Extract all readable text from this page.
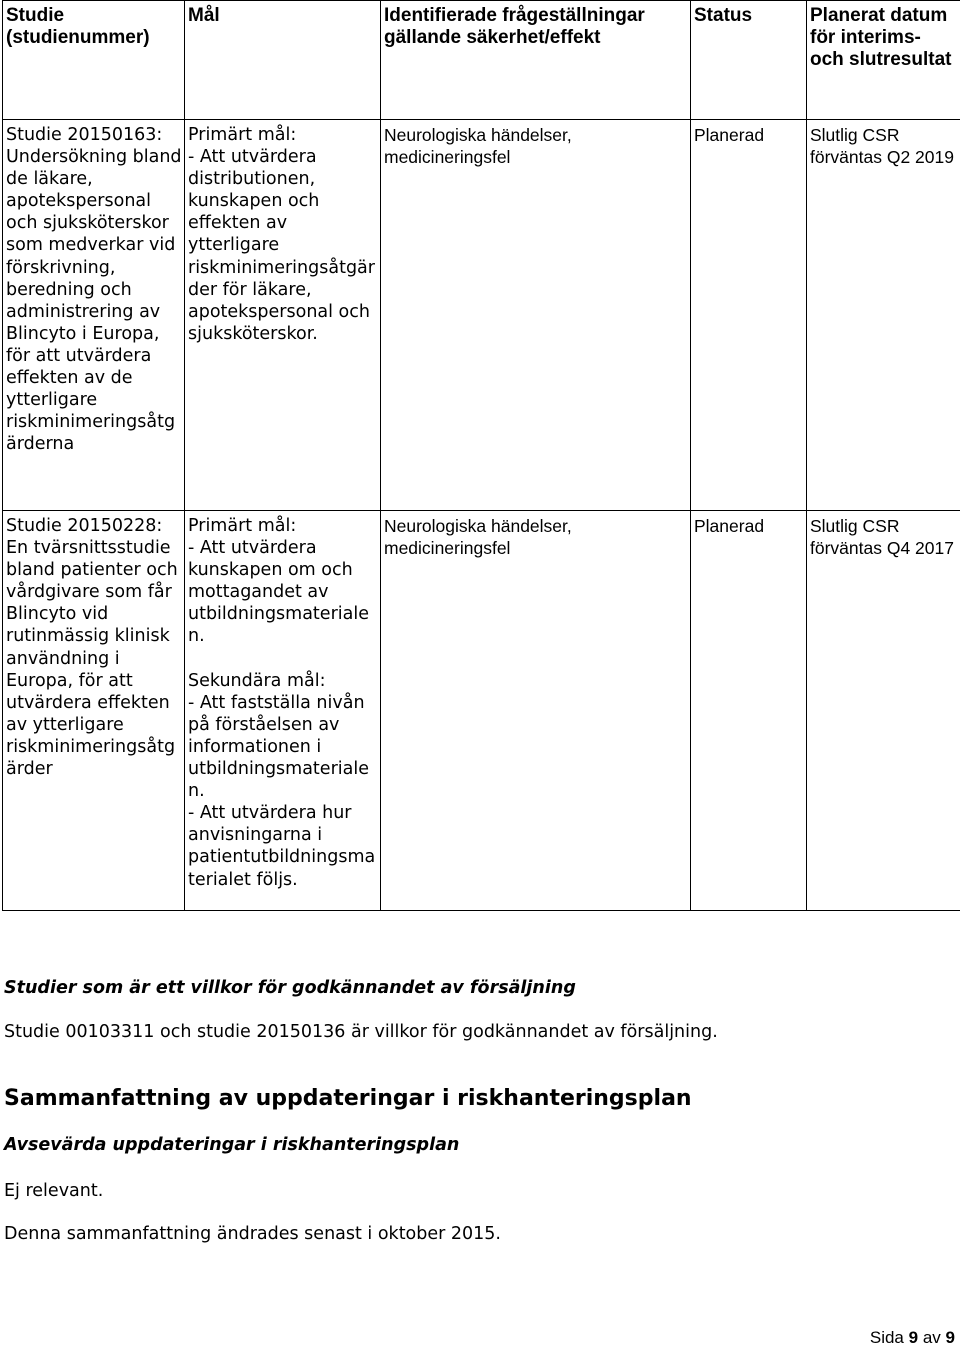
Studie (studienummer)	Mål	Identifierade frågeställningar gällande säkerhet/effekt	Status	Planerat datum för interims- och slutresultat
Studie 20150163: Undersökning bland de läkare, apotekspersonal och sjuksköterskor som medverkar vid förskrivning, beredning och administrering av Blincyto i Europa, för att utvärdera effekten av de ytterligare riskminimeringsåtgärderna	Primärt mål:
- Att utvärdera distributionen, kunskapen och effekten av ytterligare riskminimeringsåtgärder för läkare, apotekspersonal och sjuksköterskor.	Neurologiska händelser, medicineringsfel	Planerad	Slutlig CSR förväntas Q2 2019
Studie 20150228: En tvärsnittsstudie bland patienter och vårdgivare som får Blincyto vid rutinmässig klinisk användning i Europa, för att utvärdera effekten av ytterligare riskminimeringsåtgärder	Primärt mål:
- Att utvärdera kunskapen om och mottagandet av utbildningsmaterialen.

Sekundära mål:
- Att fastställa nivån på förståelsen av informationen i utbildningsmaterialen.
- Att utvärdera hur anvisningarna i patientutbildningsmaterialet följs.	Neurologiska händelser, medicineringsfel	Planerad	Slutlig CSR förväntas Q4 2017
Studier som är ett villkor för godkännandet av försäljning
Studie 00103311 och studie 20150136 är villkor för godkännandet av försäljning.
Sammanfattning av uppdateringar i riskhanteringsplan
Avsevärda uppdateringar i riskhanteringsplan
Ej relevant.
Denna sammanfattning ändrades senast i oktober 2015.
Sida 9 av 9
